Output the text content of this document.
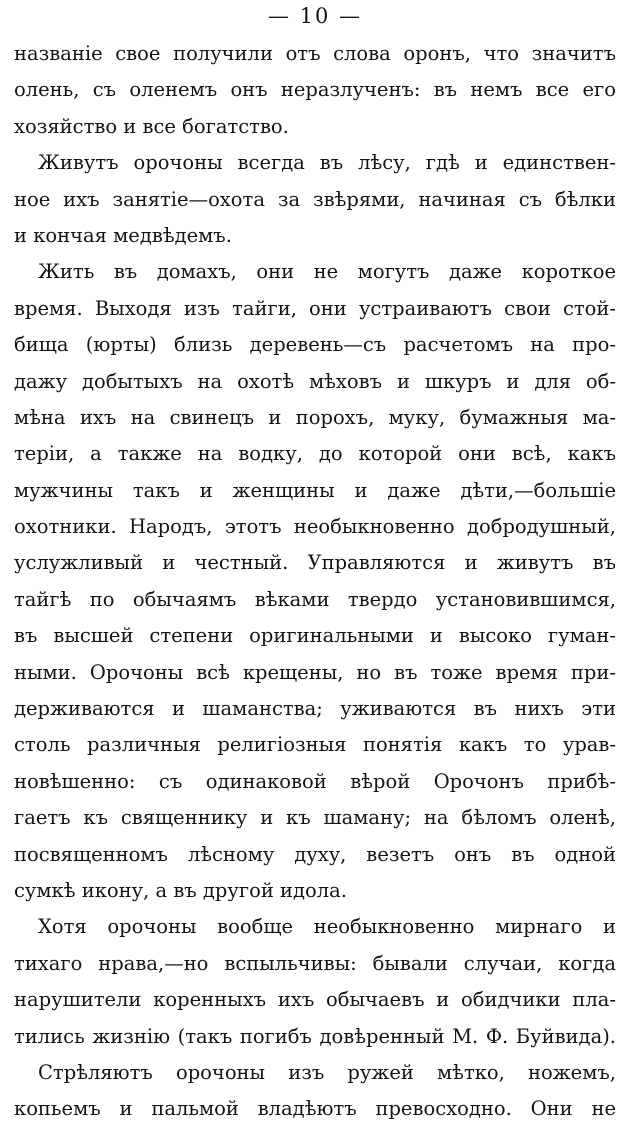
— 10 —
названіе свое получили отъ слова оронъ, что значитъ
олень, съ оленемъ онъ неразлученъ: въ немъ все его
хозяйство и все богатство.
Живутъ орочоны всегда въ лѣсу, гдѣ и единствен-
ное ихъ занятіе—охота за звѣрями, начиная съ бѣлки
и кончая медвѣдемъ.
Жить въ домахъ, они не могутъ даже короткое
время. Выходя изъ тайги, они устраиваютъ свои стой-
бища (юрты) близь деревень—съ расчетомъ на про-
дажу добытыхъ на охотѣ мѣховъ и шкуръ и для об-
мѣна ихъ на свинецъ и порохъ, муку, бумажныя ма-
теріи, а также на водку, до которой они всѣ, какъ
мужчины такъ и женщины и даже дѣти,—большіе
охотники. Народъ, этотъ необыкновенно добродушный,
услужливый и честный. Управляются и живутъ въ
тайгѣ по обычаямъ вѣками твердо установившимся,
въ высшей степени оригинальными и высоко гуман-
ными. Орочоны всѣ крещены, но въ тоже время при-
держиваются и шаманства; уживаются въ нихъ эти
столь различныя религіозныя понятія какъ то урав-
новѣшенно: съ одинаковой вѣрой Орочонъ прибѣ-
гаетъ къ священнику и къ шаману; на бѣломъ оленѣ,
посвященномъ лѣсному духу, везетъ онъ въ одной
сумкѣ икону, а въ другой идола.
Хотя орочоны вообще необыкновенно мирнаго и
тихаго нрава,—но вспыльчивы: бывали случаи, когда
нарушители коренныхъ ихъ обычаевъ и обидчики пла-
тились жизнію (такъ погибъ довѣренный М. Ф. Буйвида).
Стрѣляютъ орочоны изъ ружей мѣтко, ножемъ,
копьемъ и пальмой владѣютъ превосходно. Они не
